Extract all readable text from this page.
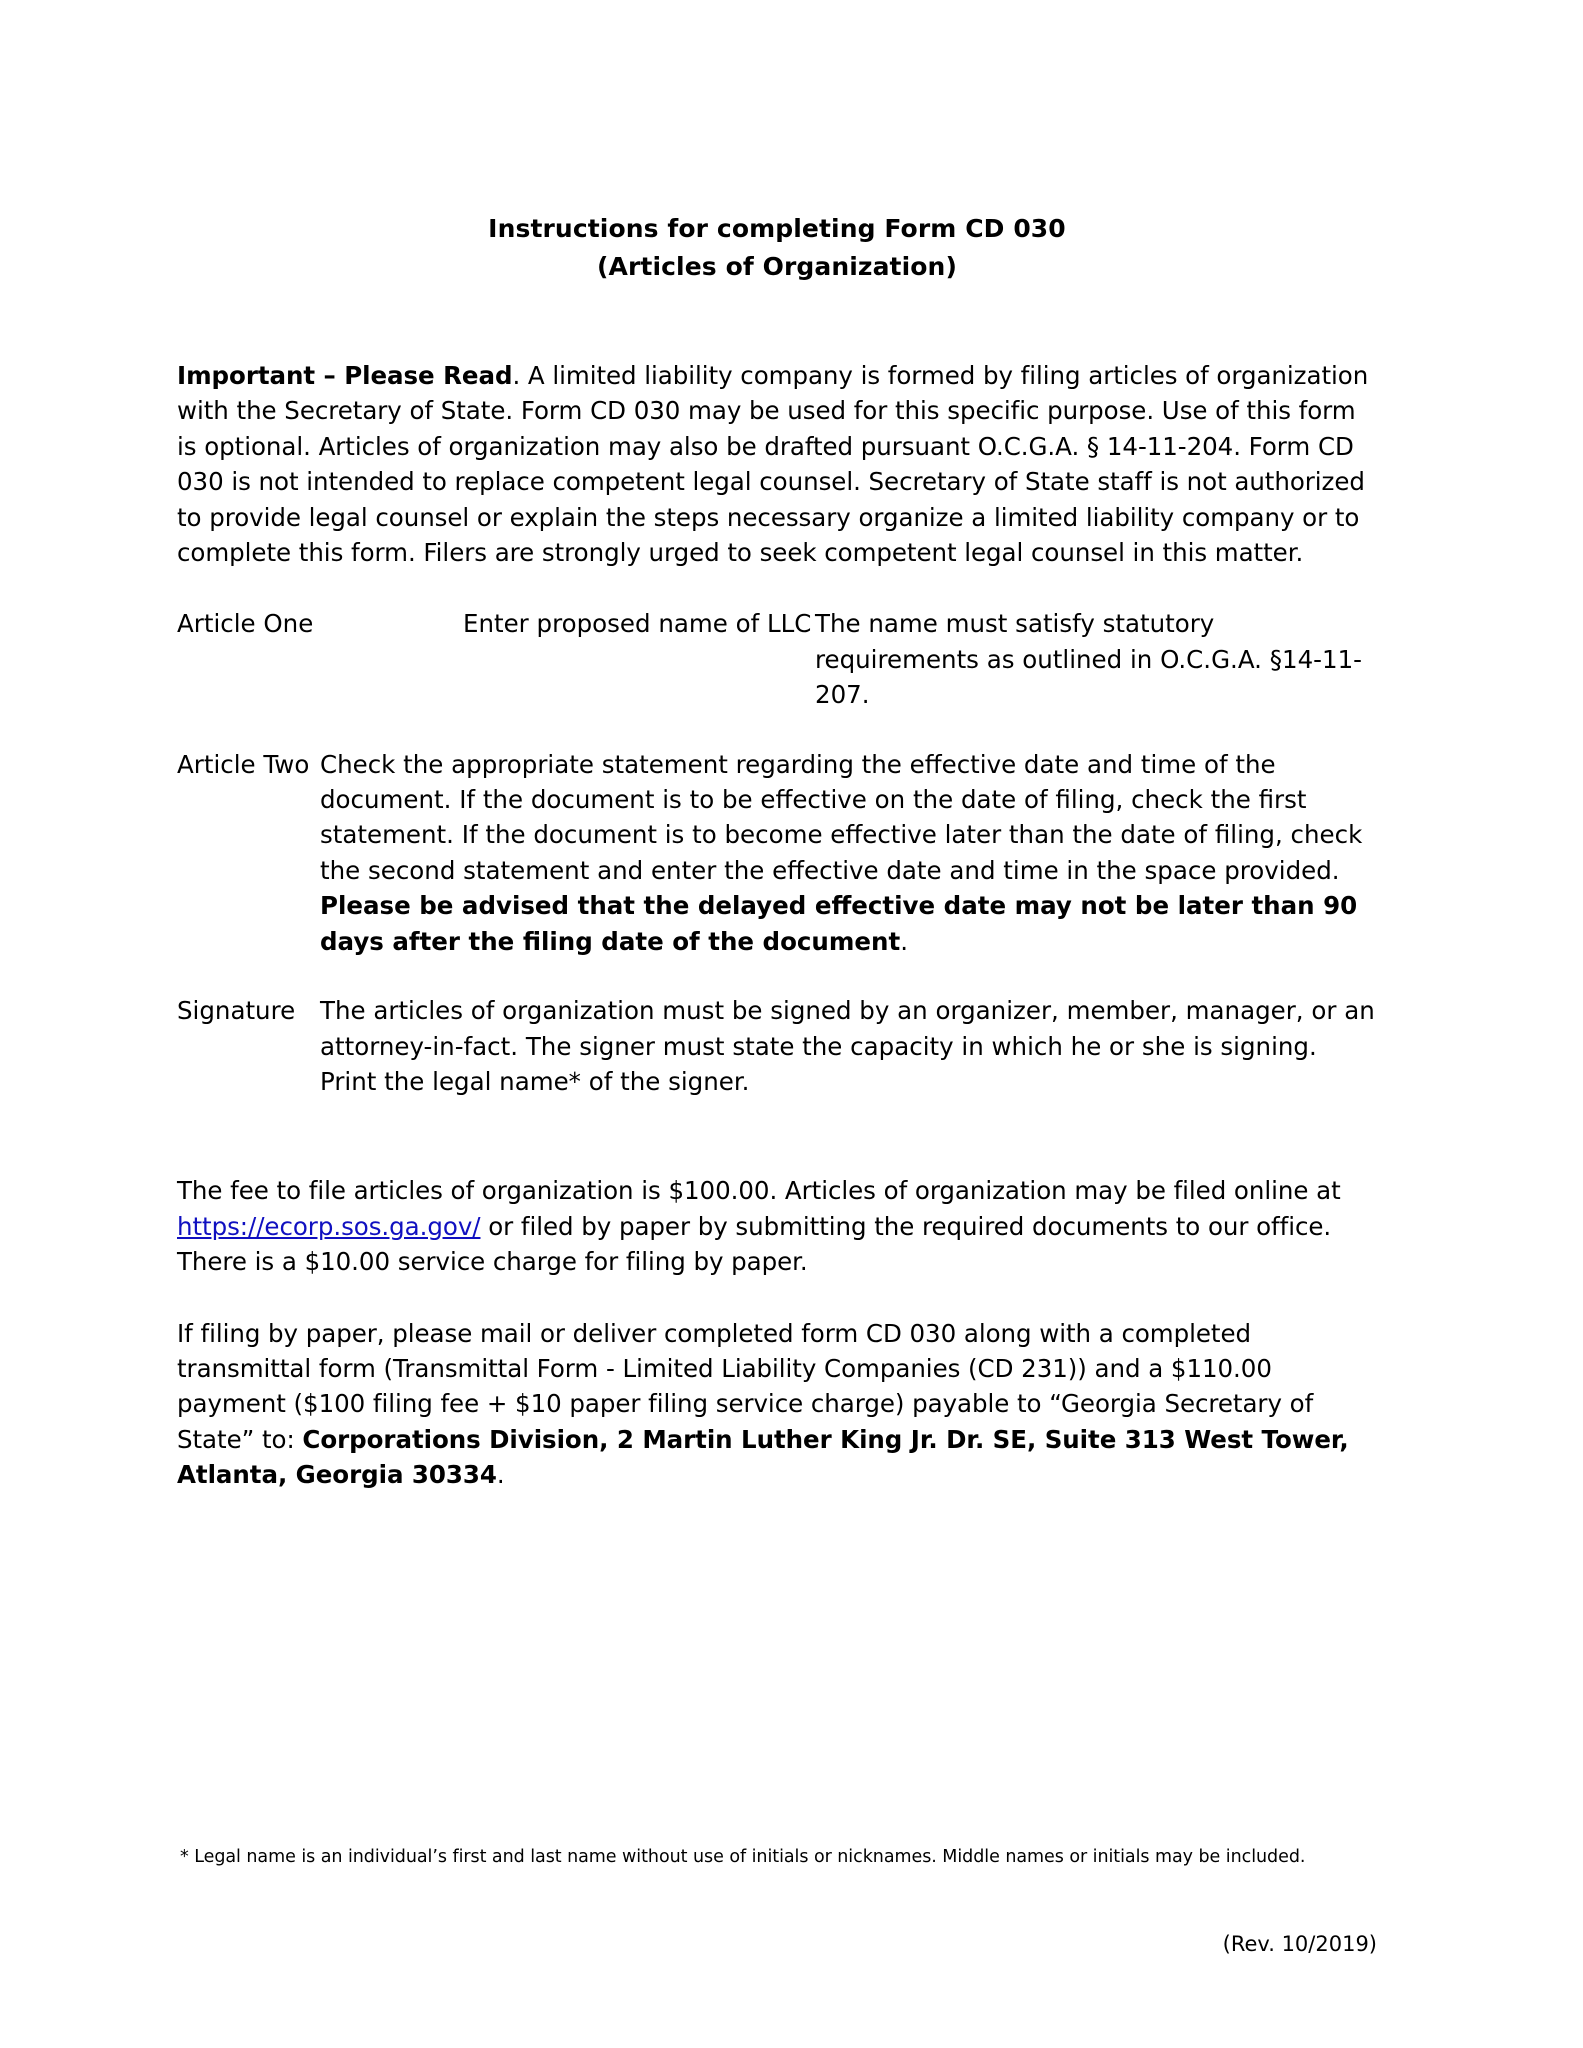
Instructions for completing Form CD 030
(Articles of Organization)

Important – Please Read. A limited liability company is formed by filing articles of organization with the Secretary of State. Form CD 030 may be used for this specific purpose. Use of this form is optional. Articles of organization may also be drafted pursuant O.C.G.A. § 14-11-204. Form CD 030 is not intended to replace competent legal counsel. Secretary of State staff is not authorized to provide legal counsel or explain the steps necessary organize a limited liability company or to complete this form. Filers are strongly urged to seek competent legal counsel in this matter.

Article One	Enter proposed name of LLC The name must satisfy statutory requirements as outlined in O.C.G.A. §14-11- 207.
Article Two Check the appropriate statement regarding the effective date and time of the document. If the document is to be effective on the date of filing, check the first statement. If the document is to become effective later than the date of filing, check the second statement and enter the effective date and time in the space provided. Please be advised that the delayed effective date may not be later than 90 days after the filing date of the document.
Signature	The articles of organization must be signed by an organizer, member, manager, or an attorney-in-fact. The signer must state the capacity in which he or she is signing. Print the legal name* of the signer.

The fee to file articles of organization is $100.00. Articles of organization may be filed online at https://ecorp.sos.ga.gov/ or filed by paper by submitting the required documents to our office. There is a $10.00 service charge for filing by paper.

If filing by paper, please mail or deliver completed form CD 030 along with a completed transmittal form (Transmittal Form - Limited Liability Companies (CD 231)) and a $110.00 payment ($100 filing fee + $10 paper filing service charge) payable to “Georgia Secretary of State” to: Corporations Division, 2 Martin Luther King Jr. Dr. SE, Suite 313 West Tower, Atlanta, Georgia 30334.

* Legal name is an individual’s first and last name without use of initials or nicknames. Middle names or initials may be included.
(Rev. 10/2019)
